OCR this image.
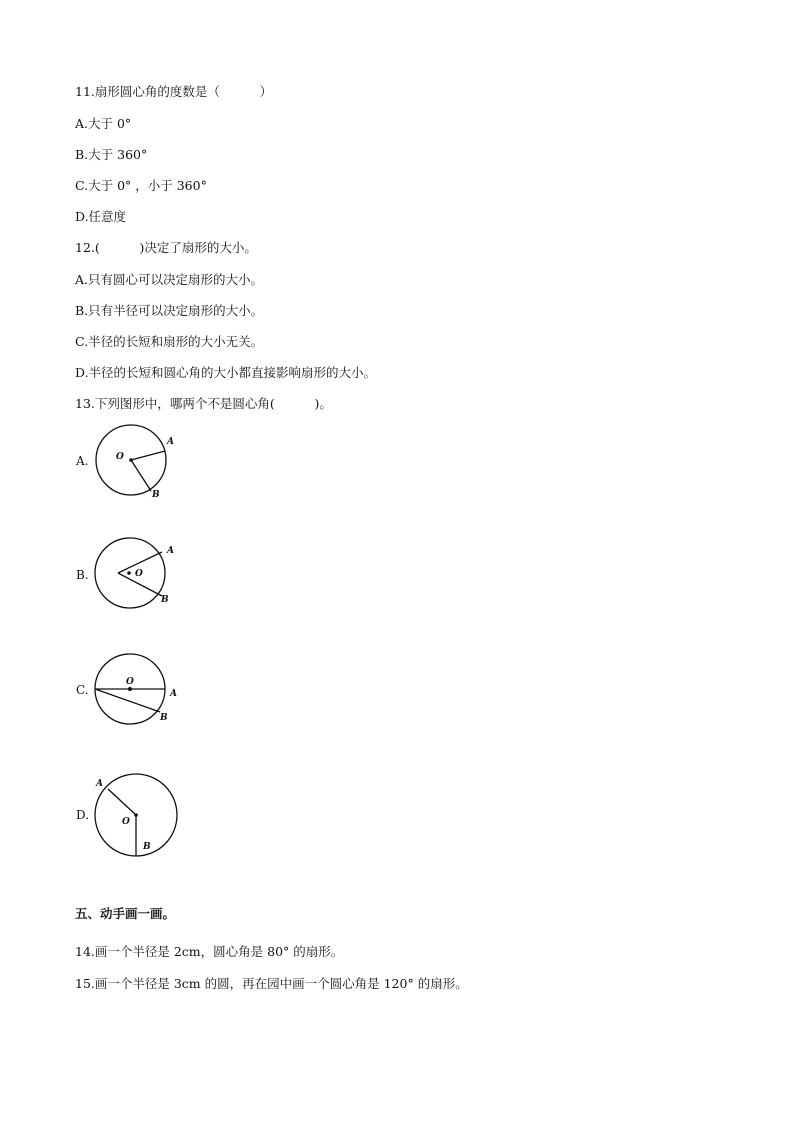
11.扇形圆心角的度数是（          ）
A.大于 0°
B.大于 360°
C.大于 0° ，小于 360°
D.任意度
12.(          )决定了扇形的大小。
A.只有圆心可以决定扇形的大小。
B.只有半径可以决定扇形的大小。
C.半径的长短和扇形的大小无关。
D.半径的长短和圆心角的大小都直接影响扇形的大小。
13.下列图形中，哪两个不是圆心角(          )。
A.	O
A
B
B.	O
A
B
C.
O
A
B
D.	O
A
B
五、动手画一画。
14.画一个半径是 2cm，圆心角是 80° 的扇形。
15.画一个半径是 3cm 的圆，再在园中画一个圆心角是 120° 的扇形。
